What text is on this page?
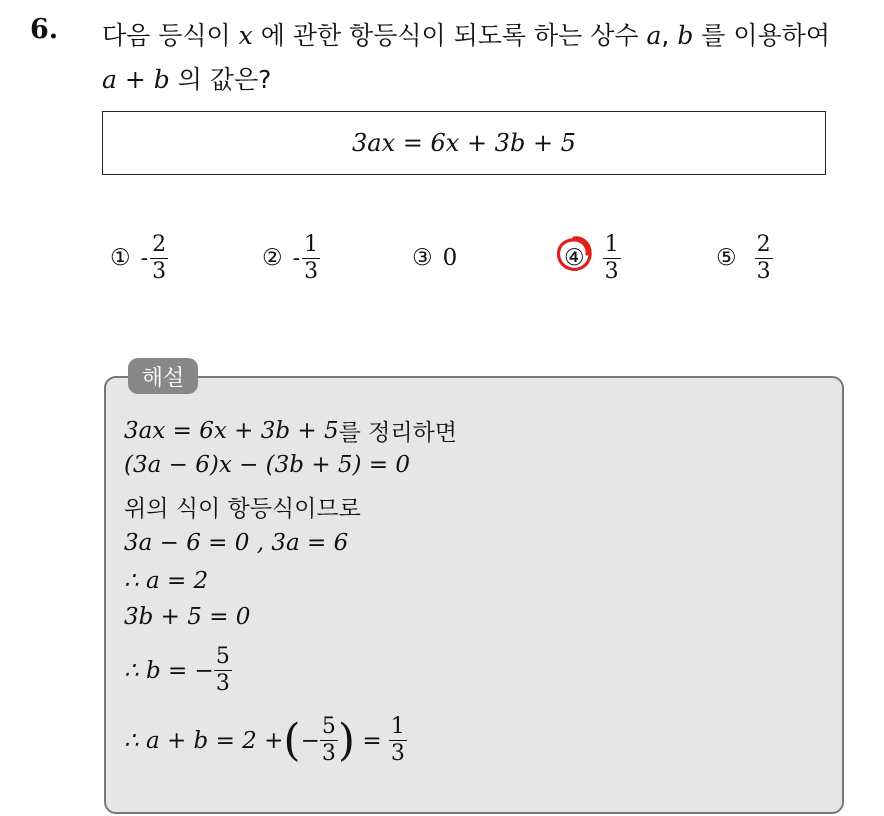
6. 다음 등식이 x 에 관한 항등식이 되도록 하는 상수 a, b 를 이용하여
a + b 의 값은?
3ax = 6x + 3b + 5
① - $\frac{2}{3}$	② - $\frac{1}{3}$	③ 0	④ $\frac{1}{3}$	⑤ $\frac{2}{3}$
해설
3ax = 6x + 3b + 5 를 정리하면
(3a − 6)x − (3b + 5) = 0
위의 식이 항등식이므로
3a − 6 = 0 , 3a = 6
∴ a = 2
3b + 5 = 0
∴ b = − $\frac{5}{3}$
∴ a + b = 2 + ( − $\frac{5}{3}$ ) = $\frac{1}{3}$
